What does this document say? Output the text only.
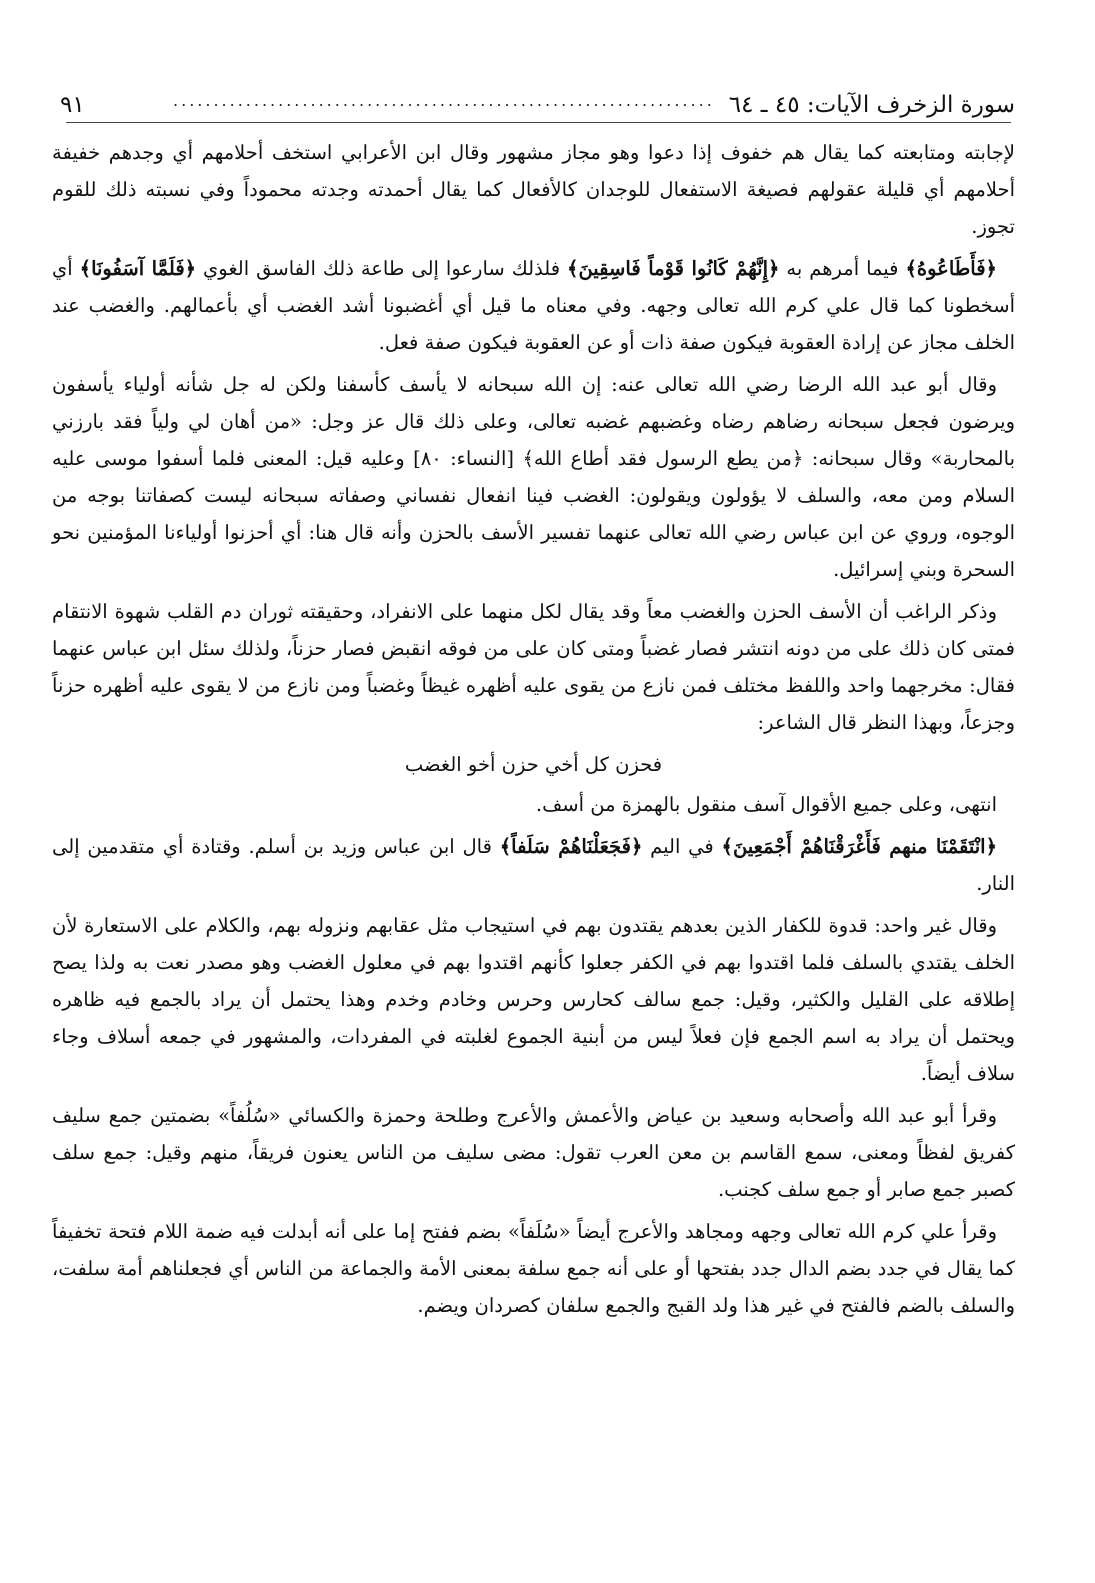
سورة الزخرف الآيات: ٤٥ ـ ٦٤
...................................................................
٩١

لإجابته ومتابعته كما يقال هم خفوف إذا دعوا وهو مجاز مشهور وقال ابن الأعرابي استخف أحلامهم أي وجدهم خفيفة أحلامهم أي قليلة عقولهم فصيغة الاستفعال للوجدان كالأفعال كما يقال أحمدته وجدته محموداً وفي نسبته ذلك للقوم تجوز.

﴿فَأَطَاعُوهُ﴾ فيما أمرهم به ﴿إِنَّهُمْ كَانُوا قَوْماً فَاسِقِينَ﴾ فلذلك سارعوا إلى طاعة ذلك الفاسق الغوي ﴿فَلَمَّا آسَفُونَا﴾ أي أسخطونا كما قال علي كرم الله تعالى وجهه. وفي معناه ما قيل أي أغضبونا أشد الغضب أي بأعمالهم. والغضب عند الخلف مجاز عن إرادة العقوبة فيكون صفة ذات أو عن العقوبة فيكون صفة فعل.

وقال أبو عبد الله الرضا رضي الله تعالى عنه: إن الله سبحانه لا يأسف كأسفنا ولكن له جل شأنه أولياء يأسفون ويرضون فجعل سبحانه رضاهم رضاه وغضبهم غضبه تعالى، وعلى ذلك قال عز وجل: «من أهان لي ولياً فقد بارزني بالمحاربة» وقال سبحانه: ﴿من يطع الرسول فقد أطاع الله﴾ [النساء: ٨٠] وعليه قيل: المعنى فلما أسفوا موسى عليه السلام ومن معه، والسلف لا يؤولون ويقولون: الغضب فينا انفعال نفساني وصفاته سبحانه ليست كصفاتنا بوجه من الوجوه، وروي عن ابن عباس رضي الله تعالى عنهما تفسير الأسف بالحزن وأنه قال هنا: أي أحزنوا أولياءنا المؤمنين نحو السحرة وبني إسرائيل.

وذكر الراغب أن الأسف الحزن والغضب معاً وقد يقال لكل منهما على الانفراد، وحقيقته ثوران دم القلب شهوة الانتقام فمتى كان ذلك على من دونه انتشر فصار غضباً ومتى كان على من فوقه انقبض فصار حزناً، ولذلك سئل ابن عباس عنهما فقال: مخرجهما واحد واللفظ مختلف فمن نازع من يقوى عليه أظهره غيظاً وغضباً ومن نازع من لا يقوى عليه أظهره حزناً وجزعاً، وبهذا النظر قال الشاعر:

فحزن كل أخي حزن أخو الغضب

انتهى، وعلى جميع الأقوال آسف منقول بالهمزة من أسف.

﴿انْتَقَمْنَا منهم فَأَغْرَقْنَاهُمْ أَجْمَعِينَ﴾ في اليم ﴿فَجَعَلْنَاهُمْ سَلَفاً﴾ قال ابن عباس وزيد بن أسلم. وقتادة أي متقدمين إلى النار.

وقال غير واحد: قدوة للكفار الذين بعدهم يقتدون بهم في استيجاب مثل عقابهم ونزوله بهم، والكلام على الاستعارة لأن الخلف يقتدي بالسلف فلما اقتدوا بهم في الكفر جعلوا كأنهم اقتدوا بهم في معلول الغضب وهو مصدر نعت به ولذا يصح إطلاقه على القليل والكثير، وقيل: جمع سالف كحارس وحرس وخادم وخدم وهذا يحتمل أن يراد بالجمع فيه ظاهره ويحتمل أن يراد به اسم الجمع فإن فعلاً ليس من أبنية الجموع لغلبته في المفردات، والمشهور في جمعه أسلاف وجاء سلاف أيضاً.

وقرأ أبو عبد الله وأصحابه وسعيد بن عياض والأعمش والأعرج وطلحة وحمزة والكسائي «سُلُفاً» بضمتين جمع سليف كفريق لفظاً ومعنى، سمع القاسم بن معن العرب تقول: مضى سليف من الناس يعنون فريقاً، منهم وقيل: جمع سلف كصبر جمع صابر أو جمع سلف كجنب.

وقرأ علي كرم الله تعالى وجهه ومجاهد والأعرج أيضاً «سُلَفاً» بضم ففتح إما على أنه أبدلت فيه ضمة اللام فتحة تخفيفاً كما يقال في جدد بضم الدال جدد بفتحها أو على أنه جمع سلفة بمعنى الأمة والجماعة من الناس أي فجعلناهم أمة سلفت، والسلف بالضم فالفتح في غير هذا ولد القبج والجمع سلفان كصردان ويضم.
